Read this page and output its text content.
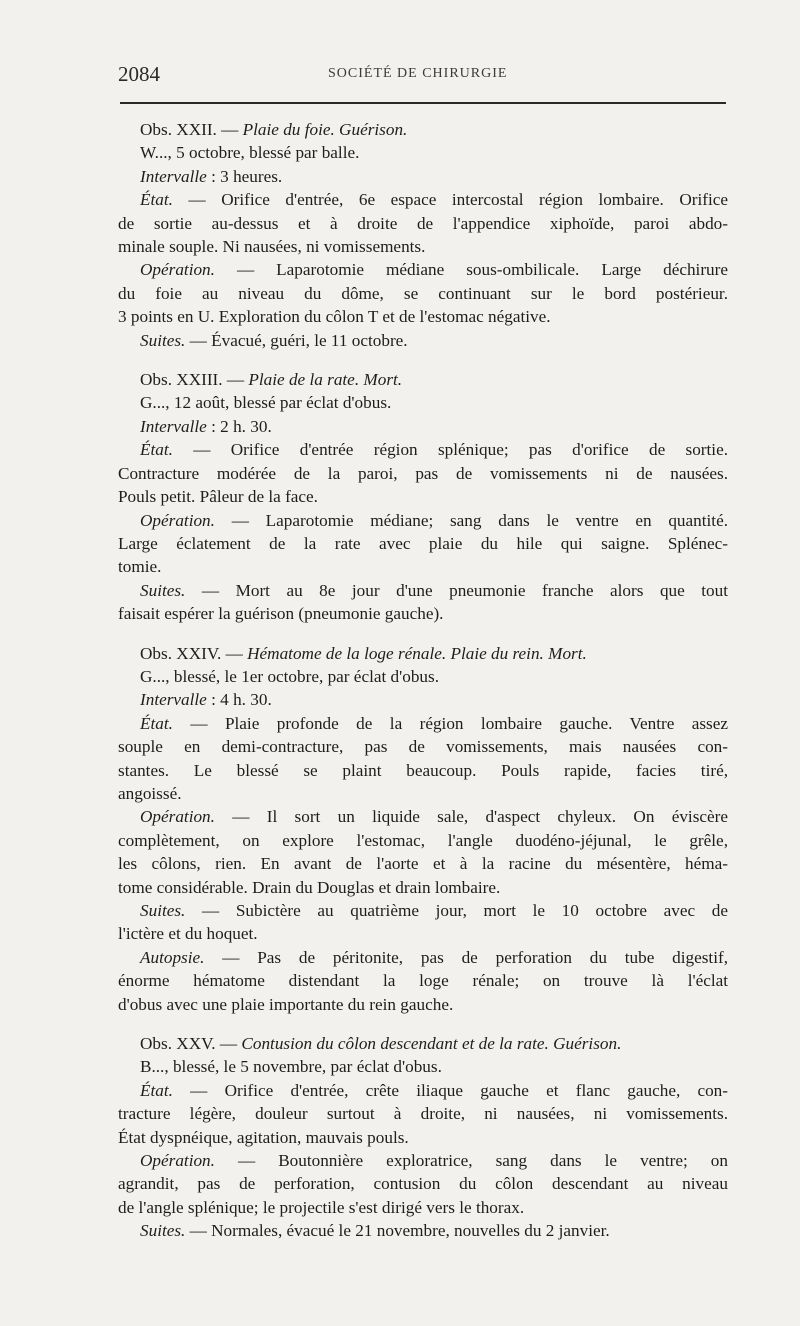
2084	SOCIÉTÉ DE CHIRURGIE
Obs. XXII. — Plaie du foie. Guérison.
W..., 5 octobre, blessé par balle.
Intervalle : 3 heures.
État. — Orifice d'entrée, 6e espace intercostal région lombaire. Orifice
de sortie au-dessus et à droite de l'appendice xiphoïde, paroi abdo-
minale souple. Ni nausées, ni vomissements.
Opération. — Laparotomie médiane sous-ombilicale. Large déchirure
du foie au niveau du dôme, se continuant sur le bord postérieur.
3 points en U. Exploration du côlon T et de l'estomac négative.
Suites. — Évacué, guéri, le 11 octobre.
Obs. XXIII. — Plaie de la rate. Mort.
G..., 12 août, blessé par éclat d'obus.
Intervalle : 2 h. 30.
État. — Orifice d'entrée région splénique; pas d'orifice de sortie.
Contracture modérée de la paroi, pas de vomissements ni de nausées.
Pouls petit. Pâleur de la face.
Opération. — Laparotomie médiane; sang dans le ventre en quantité.
Large éclatement de la rate avec plaie du hile qui saigne. Splénec-
tomie.
Suites. — Mort au 8e jour d'une pneumonie franche alors que tout
faisait espérer la guérison (pneumonie gauche).
Obs. XXIV. — Hématome de la loge rénale. Plaie du rein. Mort.
G..., blessé, le 1er octobre, par éclat d'obus.
Intervalle : 4 h. 30.
État. — Plaie profonde de la région lombaire gauche. Ventre assez
souple en demi-contracture, pas de vomissements, mais nausées con-
stantes. Le blessé se plaint beaucoup. Pouls rapide, facies tiré,
angoissé.
Opération. — Il sort un liquide sale, d'aspect chyleux. On éviscère
complètement, on explore l'estomac, l'angle duodéno-jéjunal, le grêle,
les côlons, rien. En avant de l'aorte et à la racine du mésentère, héma-
tome considérable. Drain du Douglas et drain lombaire.
Suites. — Subictère au quatrième jour, mort le 10 octobre avec de
l'ictère et du hoquet.
Autopsie. — Pas de péritonite, pas de perforation du tube digestif,
énorme hématome distendant la loge rénale; on trouve là l'éclat
d'obus avec une plaie importante du rein gauche.
Obs. XXV. — Contusion du côlon descendant et de la rate. Guérison.
B..., blessé, le 5 novembre, par éclat d'obus.
État. — Orifice d'entrée, crête iliaque gauche et flanc gauche, con-
tracture légère, douleur surtout à droite, ni nausées, ni vomissements.
État dyspnéique, agitation, mauvais pouls.
Opération. — Boutonnière exploratrice, sang dans le ventre; on
agrandit, pas de perforation, contusion du côlon descendant au niveau
de l'angle splénique; le projectile s'est dirigé vers le thorax.
Suites. — Normales, évacué le 21 novembre, nouvelles du 2 janvier.
